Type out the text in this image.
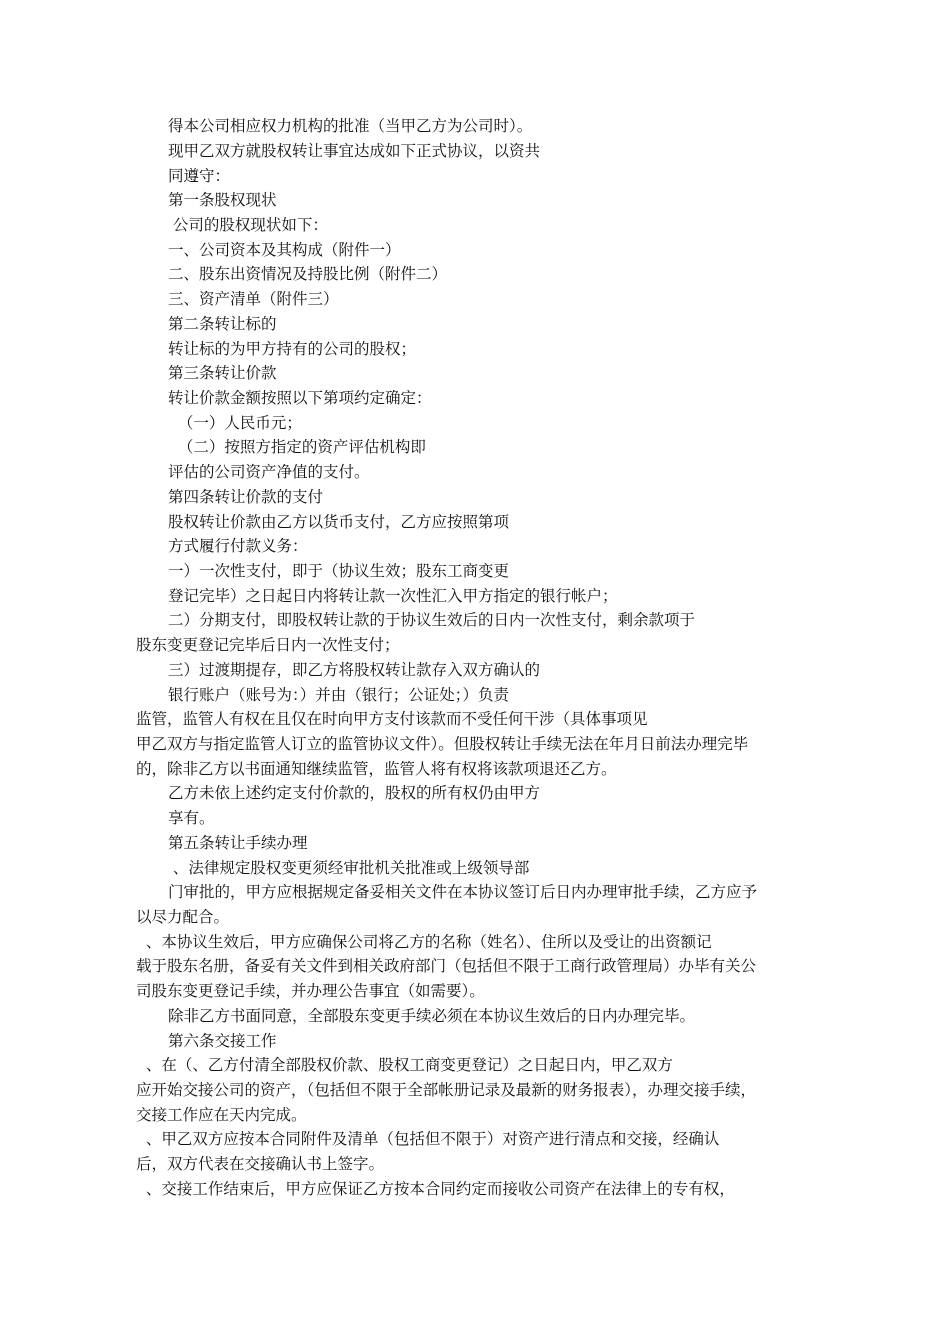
得本公司相应权力机构的批准（当甲乙方为公司时）。
现甲乙双方就股权转让事宜达成如下正式协议，以资共
同遵守：
第一条股权现状
公司的股权现状如下：
一、公司资本及其构成（附件一）
二、股东出资情况及持股比例（附件二）
三、资产清单（附件三）
第二条转让标的
转让标的为甲方持有的公司的股权；
第三条转让价款
转让价款金额按照以下第项约定确定：
（一）人民币元；
（二）按照方指定的资产评估机构即
评估的公司资产净值的支付。
第四条转让价款的支付
股权转让价款由乙方以货币支付，乙方应按照第项
方式履行付款义务：
一）一次性支付，即于（协议生效；股东工商变更
登记完毕）之日起日内将转让款一次性汇入甲方指定的银行帐户；
二）分期支付，即股权转让款的于协议生效后的日内一次性支付，剩余款项于
股东变更登记完毕后日内一次性支付；
三）过渡期提存，即乙方将股权转让款存入双方确认的
银行账户（账号为：）并由（银行；公证处；）负责
监管，监管人有权在且仅在时向甲方支付该款而不受任何干涉（具体事项见
甲乙双方与指定监管人订立的监管协议文件）。但股权转让手续无法在年月日前法办理完毕
的，除非乙方以书面通知继续监管，监管人将有权将该款项退还乙方。
乙方未依上述约定支付价款的，股权的所有权仍由甲方
享有。
第五条转让手续办理
、法律规定股权变更须经审批机关批准或上级领导部
门审批的，甲方应根据规定备妥相关文件在本协议签订后日内办理审批手续，乙方应予
以尽力配合。
、本协议生效后，甲方应确保公司将乙方的名称（姓名）、住所以及受让的出资额记
载于股东名册，备妥有关文件到相关政府部门（包括但不限于工商行政管理局）办毕有关公
司股东变更登记手续，并办理公告事宜（如需要）。
除非乙方书面同意，全部股东变更手续必须在本协议生效后的日内办理完毕。
第六条交接工作
、在（、乙方付清全部股权价款、股权工商变更登记）之日起日内，甲乙双方
应开始交接公司的资产，（包括但不限于全部帐册记录及最新的财务报表），办理交接手续，
交接工作应在天内完成。
、甲乙双方应按本合同附件及清单（包括但不限于）对资产进行清点和交接，经确认
后，双方代表在交接确认书上签字。
、交接工作结束后，甲方应保证乙方按本合同约定而接收公司资产在法律上的专有权，
